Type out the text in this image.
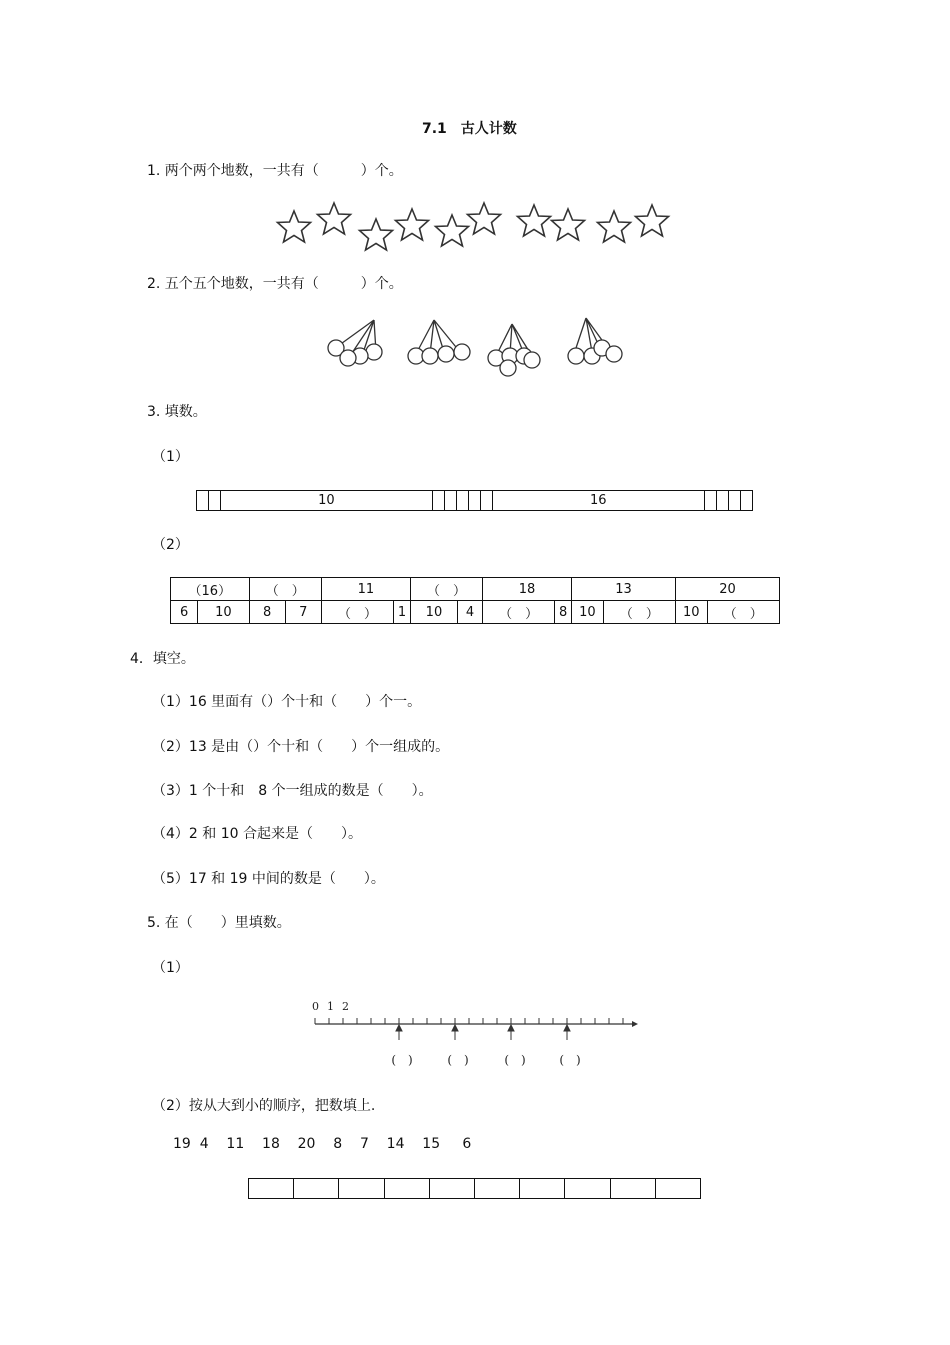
7.1　古人计数
1. 两个两个地数，一共有（　　　）个。
2. 五个五个地数，一共有（　　　）个。
3. 填数。
（1）
		10						16				
（2）
（16）		（　）		11		（　）		18		13		20	
6	10	8	7	（　）	1	10	4	（　）	8	10	（　）	10	（　）
4．填空。
（1）16 里面有（）个十和（　　）个一。
（2）13 是由（）个十和（　　）个一组成的。
（3）1 个十和　8 个一组成的数是（　　）。
（4）2 和 10 合起来是（　　）。
（5）17 和 19 中间的数是（　　）。
5. 在（　　）里填数。
（1）
0 1 2
(　)	(　)	(　)	(　)
（2）按从大到小的顺序，把数填上.
19  4    11    18    20    8    7    14    15     6
